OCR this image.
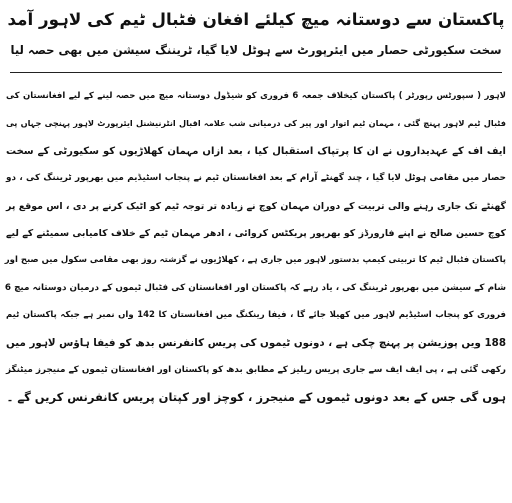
پاکستان سے دوستانہ میچ کیلئے افغان فٹبال ٹیم کی لاہور آمد
سخت سکیورٹی حصار میں ایئرپورٹ سے ہوٹل لایا گیا، ٹریننگ سیشن میں بھی حصہ لیا
لاہور ( سپورٹس رپورٹر ) پاکستان کیخلاف جمعہ 6 فروری کو شیڈول دوستانہ میچ میں حصہ لینے کے لیے افغانستان کی
فٹبال ٹیم لاہور پہنچ گئی ، مہمان ٹیم اتوار اور پیر کی درمیانی شب علامہ اقبال انٹرنیشنل ایئرپورٹ لاہور پہنچی جہاں پی
ایف اف کے عہدیداروں نے ان کا پرتپاک استقبال کیا ، بعد ازاں مہمان کھلاڑیوں کو سکیورٹی کے سخت
حصار میں مقامی ہوٹل لایا گیا ، چند گھنٹے آرام کے بعد افغانستان ٹیم نے پنجاب اسٹیڈیم میں بھرپور ٹریننگ کی ، دو
گھنٹے تک جاری رہنے والی تربیت کے دوران مہمان کوچ نے زیادہ تر توجہ ٹیم کو اٹیک کرنے پر دی ، اس موقع پر
کوچ حسین صالح نے اپنے فارورڈز کو بھرپور پریکٹس کروائی ، ادھر مہمان ٹیم کے خلاف کامیابی سمیٹنے کے لیے
پاکستان فٹبال ٹیم کا تربیتی کیمپ بدستور لاہور میں جاری ہے ، کھلاڑیوں نے گزشتہ روز بھی مقامی سکول میں صبح اور
شام کے سیشن میں بھرپور ٹریننگ کی ، یاد رہے کہ پاکستان اور افغانستان کی فٹبال ٹیموں کے درمیان دوستانہ میچ 6
فروری کو پنجاب اسٹیڈیم لاہور میں کھیلا جائے گا ، فیفا رینکنگ میں افغانستان کا 142 واں نمبر ہے جبکہ پاکستان ٹیم
188 ویں پوزیشن پر پہنچ چکی ہے ، دونوں ٹیموں کی پریس کانفرنس بدھ کو فیفا ہاؤس لاہور میں
رکھی گئی ہے ، پی ایف ایف سے جاری پریس ریلیز کے مطابق بدھ کو پاکستان اور افغانستان ٹیموں کے منیجرز میٹنگز
ہوں گی جس کے بعد دونوں ٹیموں کے منیجرز ، کوچز اور کپتان پریس کانفرنس کریں گے ۔
